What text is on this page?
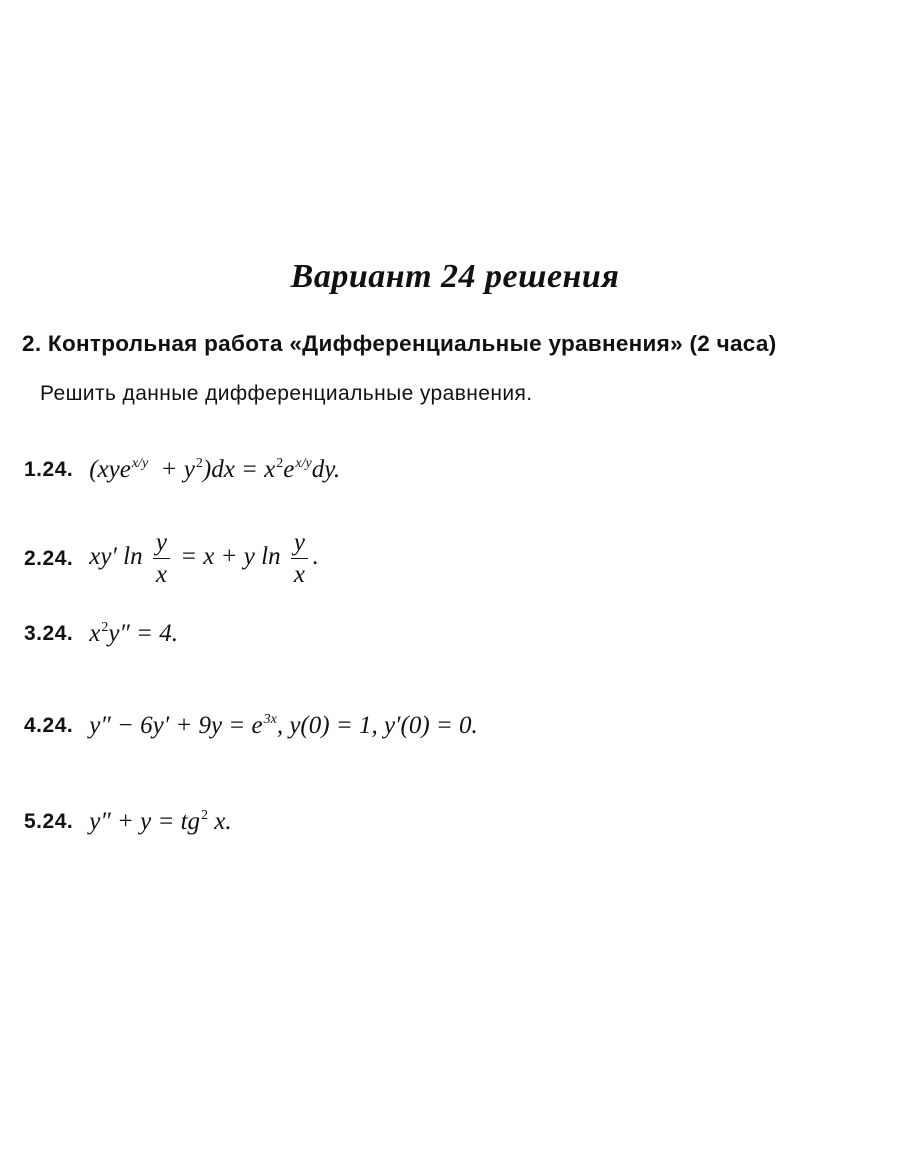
Вариант 24 решения
2. Контрольная работа «Дифференциальные уравнения» (2 часа)
Решить данные дифференциальные уравнения.
1.24. $(xye^{x/y} + y^2)dx = x^2e^{x/y}dy$.
2.24. xy′ $\ln \frac{y}{x} = x + y$ $\ln \frac{y}{x}$ .
3.24. $x^2y'' = 4$.
4.24. $y'' - 6y' + 9y = e^{3x}$, y(0) = 1, y′(0) = 0.
5.24. $y'' + y = tg^2$ x.
